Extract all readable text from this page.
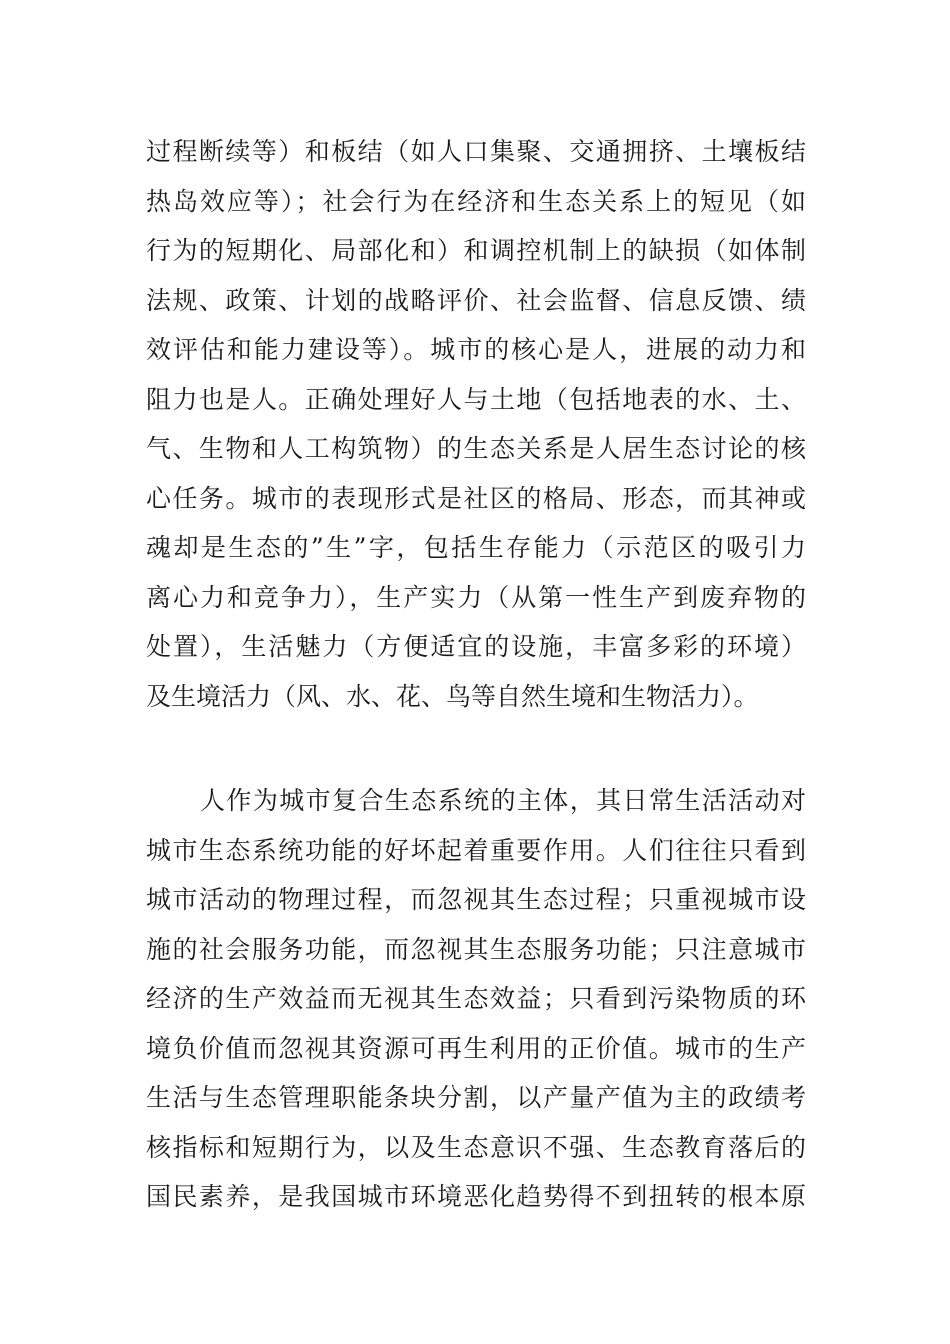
过程断续等）和板结（如人口集聚、交通拥挤、土壤板结
热岛效应等）；社会行为在经济和生态关系上的短见（如
行为的短期化、局部化和）和调控机制上的缺损（如体制
法规、政策、计划的战略评价、社会监督、信息反馈、绩
效评估和能力建设等）。城市的核心是人，进展的动力和
阻力也是人。正确处理好人与土地（包括地表的水、土、
气、生物和人工构筑物）的生态关系是人居生态讨论的核
心任务。城市的表现形式是社区的格局、形态，而其神或
魂却是生态的”生”字，包括生存能力（示范区的吸引力
离心力和竞争力），生产实力（从第一性生产到废弃物的
处置），生活魅力（方便适宜的设施，丰富多彩的环境）
及生境活力（风、水、花、鸟等自然生境和生物活力）。
人作为城市复合生态系统的主体，其日常生活活动对
城市生态系统功能的好坏起着重要作用。人们往往只看到
城市活动的物理过程，而忽视其生态过程；只重视城市设
施的社会服务功能，而忽视其生态服务功能；只注意城市
经济的生产效益而无视其生态效益；只看到污染物质的环
境负价值而忽视其资源可再生利用的正价值。城市的生产
生活与生态管理职能条块分割，以产量产值为主的政绩考
核指标和短期行为，以及生态意识不强、生态教育落后的
国民素养，是我国城市环境恶化趋势得不到扭转的根本原
